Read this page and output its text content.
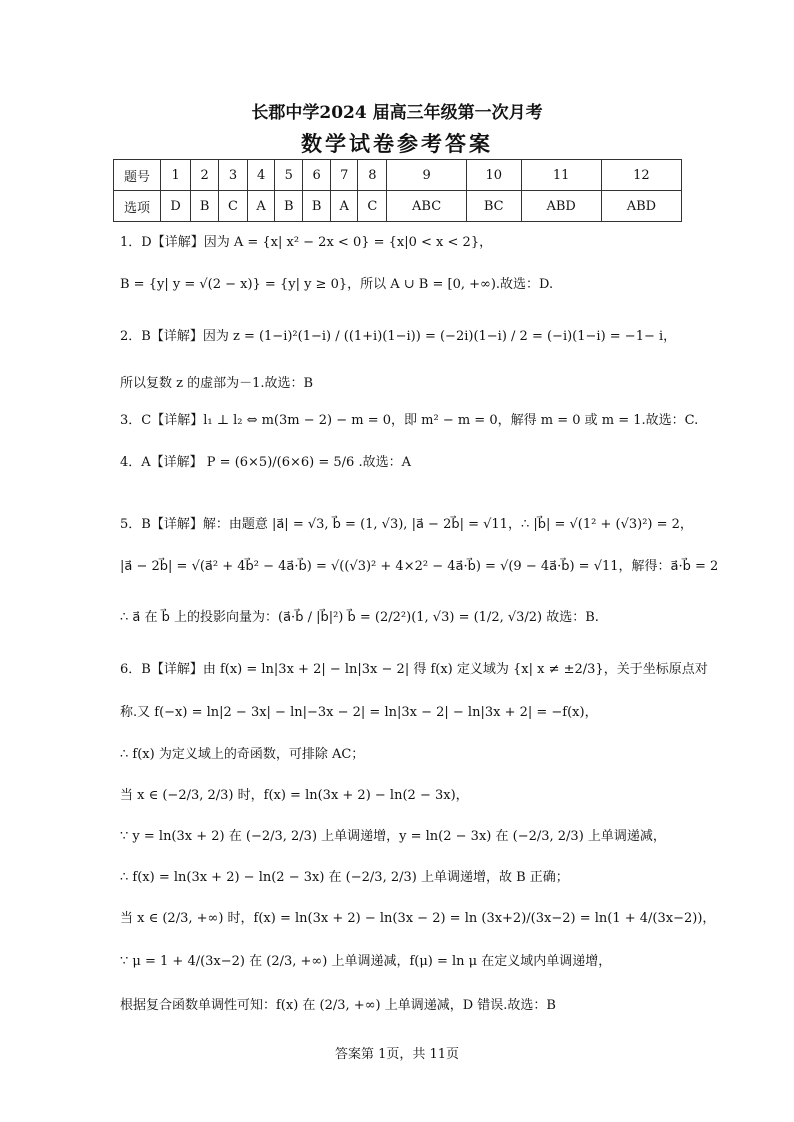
长郡中学2024 届高三年级第一次月考
数学试卷参考答案
题号	1	2	3	4	5	6	7	8	9	10	11	12
选项	D	B	C	A	B	B	A	C	ABC	BC	ABD	ABD
1．D【详解】因为 A = {x| x² − 2x < 0} = {x|0 < x < 2}，
B = {y| y = √(2 − x)} = {y| y ≥ 0}，所以 A ∪ B = [0, +∞).故选：D.
2．B【详解】因为 z = (1−i)²(1−i) / ((1+i)(1−i)) = (−2i)(1−i) / 2 = (−i)(1−i) = −1− i，
所以复数 z 的虚部为－1.故选：B
3．C【详解】l₁ ⊥ l₂ ⇔ m(3m − 2) − m = 0，即 m² − m = 0，解得 m = 0 或 m = 1.故选：C.
4．A【详解】 P = (6×5)/(6×6) = 5/6 .故选：A
5．B【详解】解：由题意 |a⃗| = √3, b⃗ = (1, √3), |a⃗ − 2b⃗| = √11，∴ |b⃗| = √(1² + (√3)²) = 2，
|a⃗ − 2b⃗| = √(a⃗² + 4b⃗² − 4a⃗·b⃗) = √((√3)² + 4×2² − 4a⃗·b⃗) = √(9 − 4a⃗·b⃗) = √11，解得：a⃗·b⃗ = 2
∴ a⃗ 在 b⃗ 上的投影向量为：(a⃗·b⃗ / |b⃗|²) b⃗ = (2/2²)(1, √3) = (1/2, √3/2) 故选：B.
6．B【详解】由 f(x) = ln|3x + 2| − ln|3x − 2| 得 f(x) 定义域为 {x| x ≠ ±2/3}，关于坐标原点对
称.又 f(−x) = ln|2 − 3x| − ln|−3x − 2| = ln|3x − 2| − ln|3x + 2| = −f(x)，
∴ f(x) 为定义域上的奇函数，可排除 AC；
当 x ∈ (−2/3, 2/3) 时，f(x) = ln(3x + 2) − ln(2 − 3x)，
∵ y = ln(3x + 2) 在 (−2/3, 2/3) 上单调递增，y = ln(2 − 3x) 在 (−2/3, 2/3) 上单调递减，
∴ f(x) = ln(3x + 2) − ln(2 − 3x) 在 (−2/3, 2/3) 上单调递增，故 B 正确；
当 x ∈ (2/3, +∞) 时，f(x) = ln(3x + 2) − ln(3x − 2) = ln (3x+2)/(3x−2) = ln(1 + 4/(3x−2))，
∵ μ = 1 + 4/(3x−2) 在 (2/3, +∞) 上单调递减，f(μ) = ln μ 在定义域内单调递增，
根据复合函数单调性可知：f(x) 在 (2/3, +∞) 上单调递减，D 错误.故选：B
答案第 1页，共 11页
